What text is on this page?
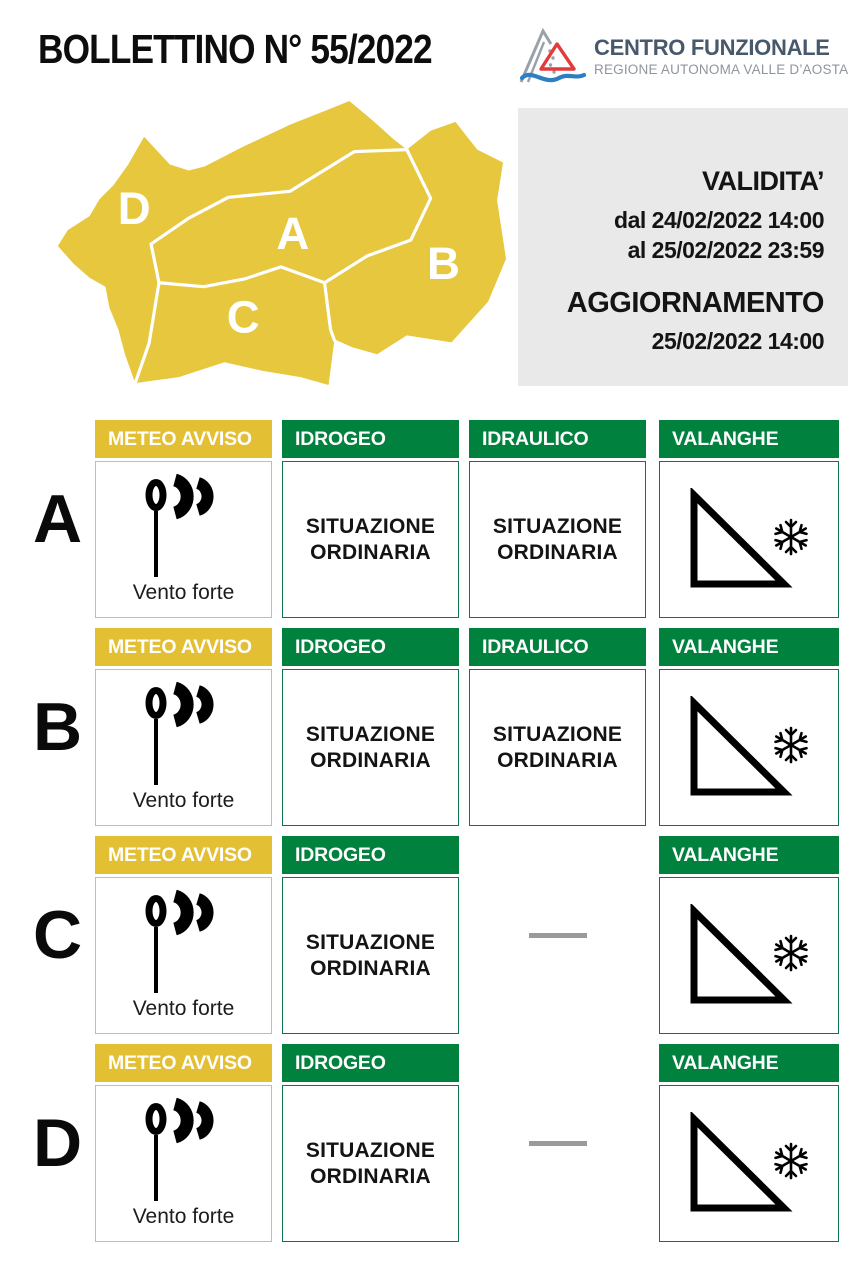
BOLLETTINO N° 55/2022	CENTRO FUNZIONALE
REGIONE AUTONOMA VALLE D’AOSTA
D	A
B
C
VALIDITA’
dal 24/02/2022 14:00
al 25/02/2022 23:59
AGGIORNAMENTO
25/02/2022 14:00
A
METEO AVVISO
Vento forte
IDROGEO
SITUAZIONE ORDINARIA
IDRAULICO
SITUAZIONE ORDINARIA
VALANGHE
B
METEO AVVISO
Vento forte
IDROGEO
SITUAZIONE ORDINARIA
IDRAULICO
SITUAZIONE ORDINARIA
VALANGHE
C
METEO AVVISO
Vento forte
IDROGEO
SITUAZIONE ORDINARIA
VALANGHE
D
METEO AVVISO
Vento forte
IDROGEO
SITUAZIONE ORDINARIA
VALANGHE
